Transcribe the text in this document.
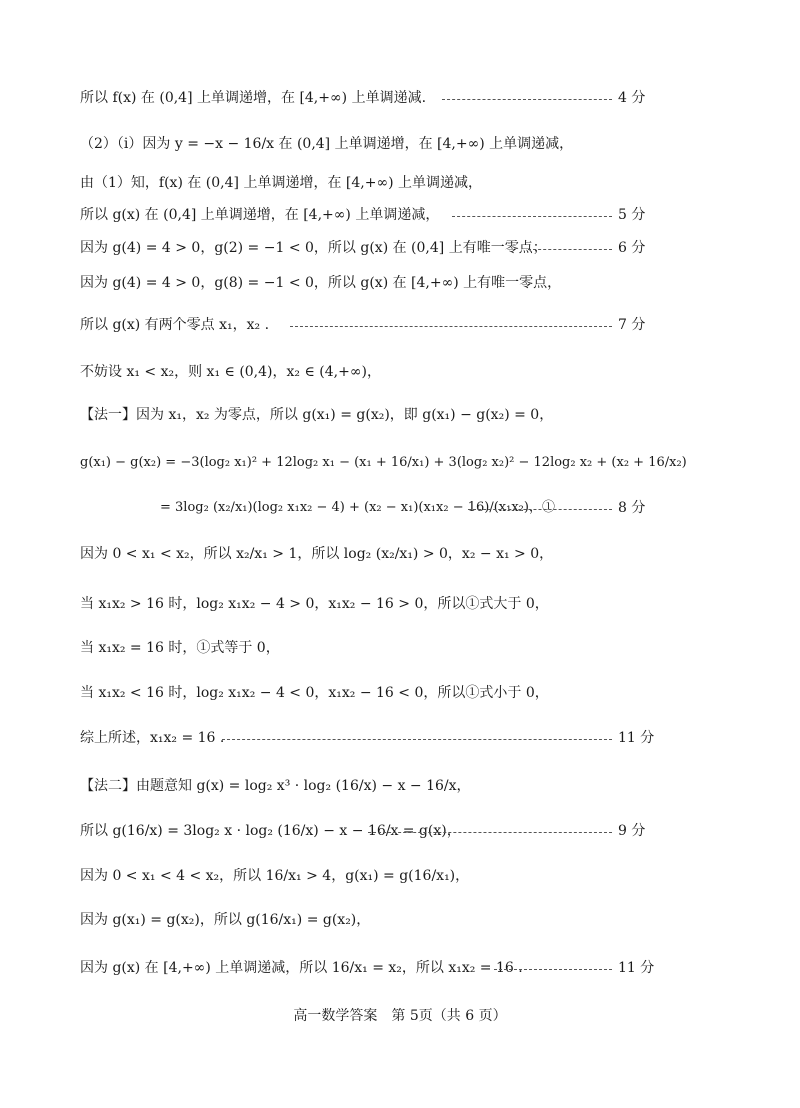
所以 f(x) 在 (0,4] 上单调递增，在 [4,+∞) 上单调递减.	4 分
（2）（i）因为 y = −x − 16/x 在 (0,4] 上单调递增，在 [4,+∞) 上单调递减，
由（1）知，f(x) 在 (0,4] 上单调递增，在 [4,+∞) 上单调递减，
所以 g(x) 在 (0,4] 上单调递增，在 [4,+∞) 上单调递减，	5 分
因为 g(4) = 4 > 0，g(2) = −1 < 0，所以 g(x) 在 (0,4] 上有唯一零点；	6 分
因为 g(4) = 4 > 0，g(8) = −1 < 0，所以 g(x) 在 [4,+∞) 上有唯一零点，
所以 g(x) 有两个零点 x₁，x₂ .	7 分
不妨设 x₁ < x₂，则 x₁ ∈ (0,4)，x₂ ∈ (4,+∞)，
【法一】因为 x₁，x₂ 为零点，所以 g(x₁) = g(x₂)，即 g(x₁) − g(x₂) = 0，
g(x₁) − g(x₂) = −3(log₂ x₁)² + 12log₂ x₁ − (x₁ + 16/x₁) + 3(log₂ x₂)² − 12log₂ x₂ + (x₂ + 16/x₂)
= 3log₂ (x₂/x₁)(log₂ x₁x₂ − 4) + (x₂ − x₁)(x₁x₂ − 16)/(x₁x₂)，①	8 分
因为 0 < x₁ < x₂，所以 x₂/x₁ > 1，所以 log₂ (x₂/x₁) > 0，x₂ − x₁ > 0，
当 x₁x₂ > 16 时，log₂ x₁x₂ − 4 > 0，x₁x₂ − 16 > 0，所以①式大于 0，
当 x₁x₂ = 16 时，①式等于 0，
当 x₁x₂ < 16 时，log₂ x₁x₂ − 4 < 0，x₁x₂ − 16 < 0，所以①式小于 0，
综上所述，x₁x₂ = 16 .	11 分
【法二】由题意知 g(x) = log₂ x³ · log₂ (16/x) − x − 16/x，
所以 g(16/x) = 3log₂ x · log₂ (16/x) − x − 16/x = g(x)，	9 分
因为 0 < x₁ < 4 < x₂，所以 16/x₁ > 4，g(x₁) = g(16/x₁)，
因为 g(x₁) = g(x₂)，所以 g(16/x₁) = g(x₂)，
因为 g(x) 在 [4,+∞) 上单调递减，所以 16/x₁ = x₂，所以 x₁x₂ = 16 .	11 分
高一数学答案　第 5页（共 6 页）
